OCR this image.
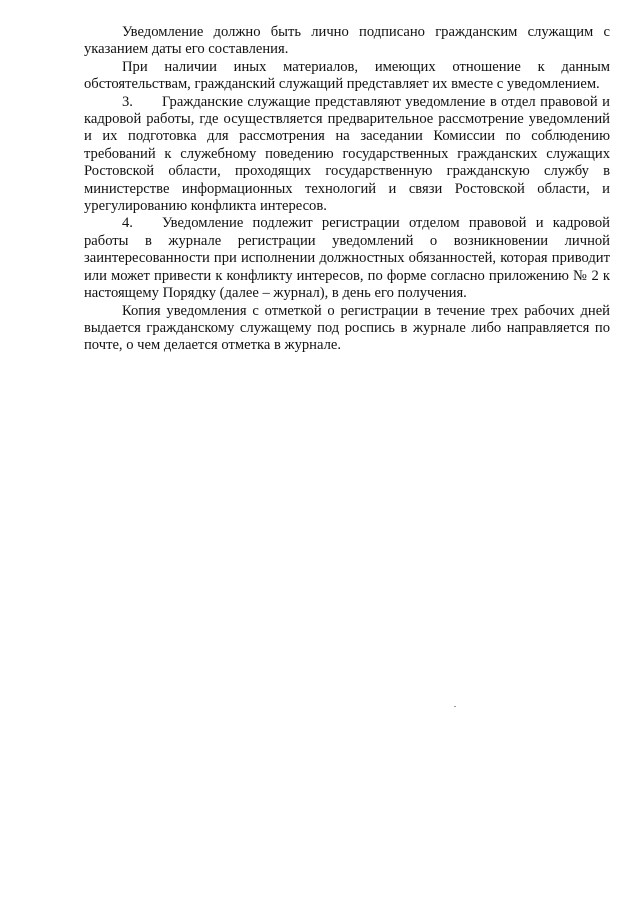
Уведомление должно быть лично подписано гражданским служащим с указанием даты его составления.

При наличии иных материалов, имеющих отношение к данным обстоятельствам, гражданский служащий представляет их вместе с уведомлением.

3. Гражданские служащие представляют уведомление в отдел правовой и кадровой работы, где осуществляется предварительное рассмотрение уведомлений и их подготовка для рассмотрения на заседании Комиссии по соблюдению требований к служебному поведению государственных гражданских служащих Ростовской области, проходящих государственную гражданскую службу в министерстве информационных технологий и связи Ростовской области, и урегулированию конфликта интересов.

4. Уведомление подлежит регистрации отделом правовой и кадровой работы в журнале регистрации уведомлений о возникновении личной заинтересованности при исполнении должностных обязанностей, которая приводит или может привести к конфликту интересов, по форме согласно приложению № 2 к настоящему Порядку (далее – журнал), в день его получения.

Копия уведомления с отметкой о регистрации в течение трех рабочих дней выдается гражданскому служащему под роспись в журнале либо направляется по почте, о чем делается отметка в журнале.
